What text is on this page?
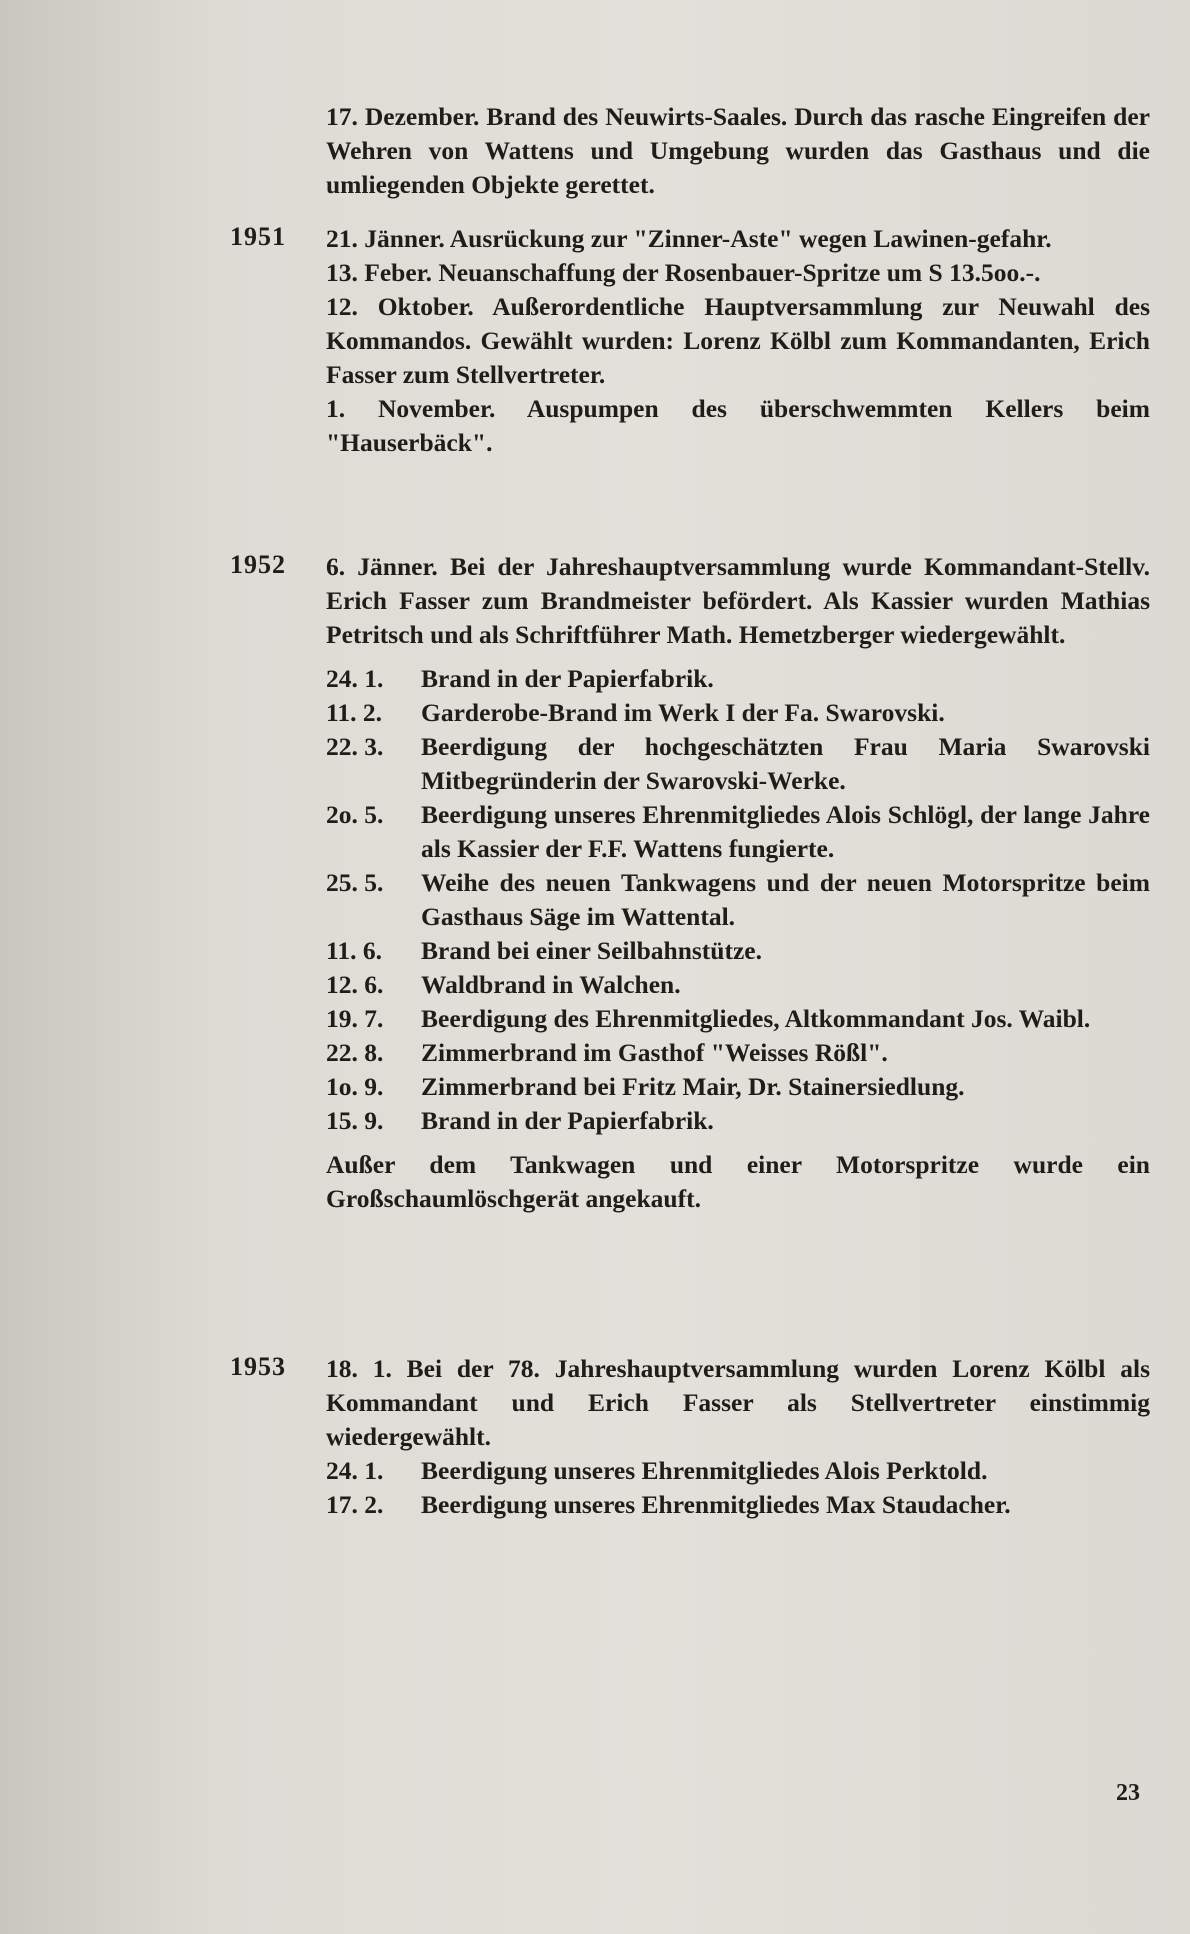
17. Dezember. Brand des Neuwirts-Saales. Durch das rasche Eingreifen der Wehren von Wattens und Umgebung wurden das Gasthaus und die umliegenden Objekte gerettet.

1951	21. Jänner. Ausrückung zur "Zinner-Aste" wegen Lawinen-gefahr.

13. Feber. Neuanschaffung der Rosenbauer-Spritze um S 13.5oo.-.

12. Oktober. Außerordentliche Hauptversammlung zur Neuwahl des Kommandos. Gewählt wurden: Lorenz Kölbl zum Kommandanten, Erich Fasser zum Stellvertreter.

1. November. Auspumpen des überschwemmten Kellers beim "Hauserbäck".

1952	6. Jänner. Bei der Jahreshauptversammlung wurde Kommandant-Stellv. Erich Fasser zum Brandmeister befördert. Als Kassier wurden Mathias Petritsch und als Schriftführer Math. Hemetzberger wiedergewählt.

24. 1.	Brand in der Papierfabrik.
11. 2.	Garderobe-Brand im Werk I der Fa. Swarovski.
22. 3.	Beerdigung der hochgeschätzten Frau Maria Swarovski Mitbegründerin der Swarovski-Werke.
2o. 5.	Beerdigung unseres Ehrenmitgliedes Alois Schlögl, der lange Jahre als Kassier der F.F. Wattens fungierte.
25. 5.	Weihe des neuen Tankwagens und der neuen Motorspritze beim Gasthaus Säge im Wattental.
11. 6.	Brand bei einer Seilbahnstütze.
12. 6.	Waldbrand in Walchen.
19. 7.	Beerdigung des Ehrenmitgliedes, Altkommandant Jos. Waibl.
22. 8.	Zimmerbrand im Gasthof "Weisses Rößl".
1o. 9.	Zimmerbrand bei Fritz Mair, Dr. Stainersiedlung.
15. 9.	Brand in der Papierfabrik.

Außer dem Tankwagen und einer Motorspritze wurde ein Großschaumlöschgerät angekauft.

1953	18. 1. Bei der 78. Jahreshauptversammlung wurden Lorenz Kölbl als Kommandant und Erich Fasser als Stellvertreter einstimmig wiedergewählt.

24. 1.	Beerdigung unseres Ehrenmitgliedes Alois Perktold.
17. 2.	Beerdigung unseres Ehrenmitgliedes Max Staudacher.
23
